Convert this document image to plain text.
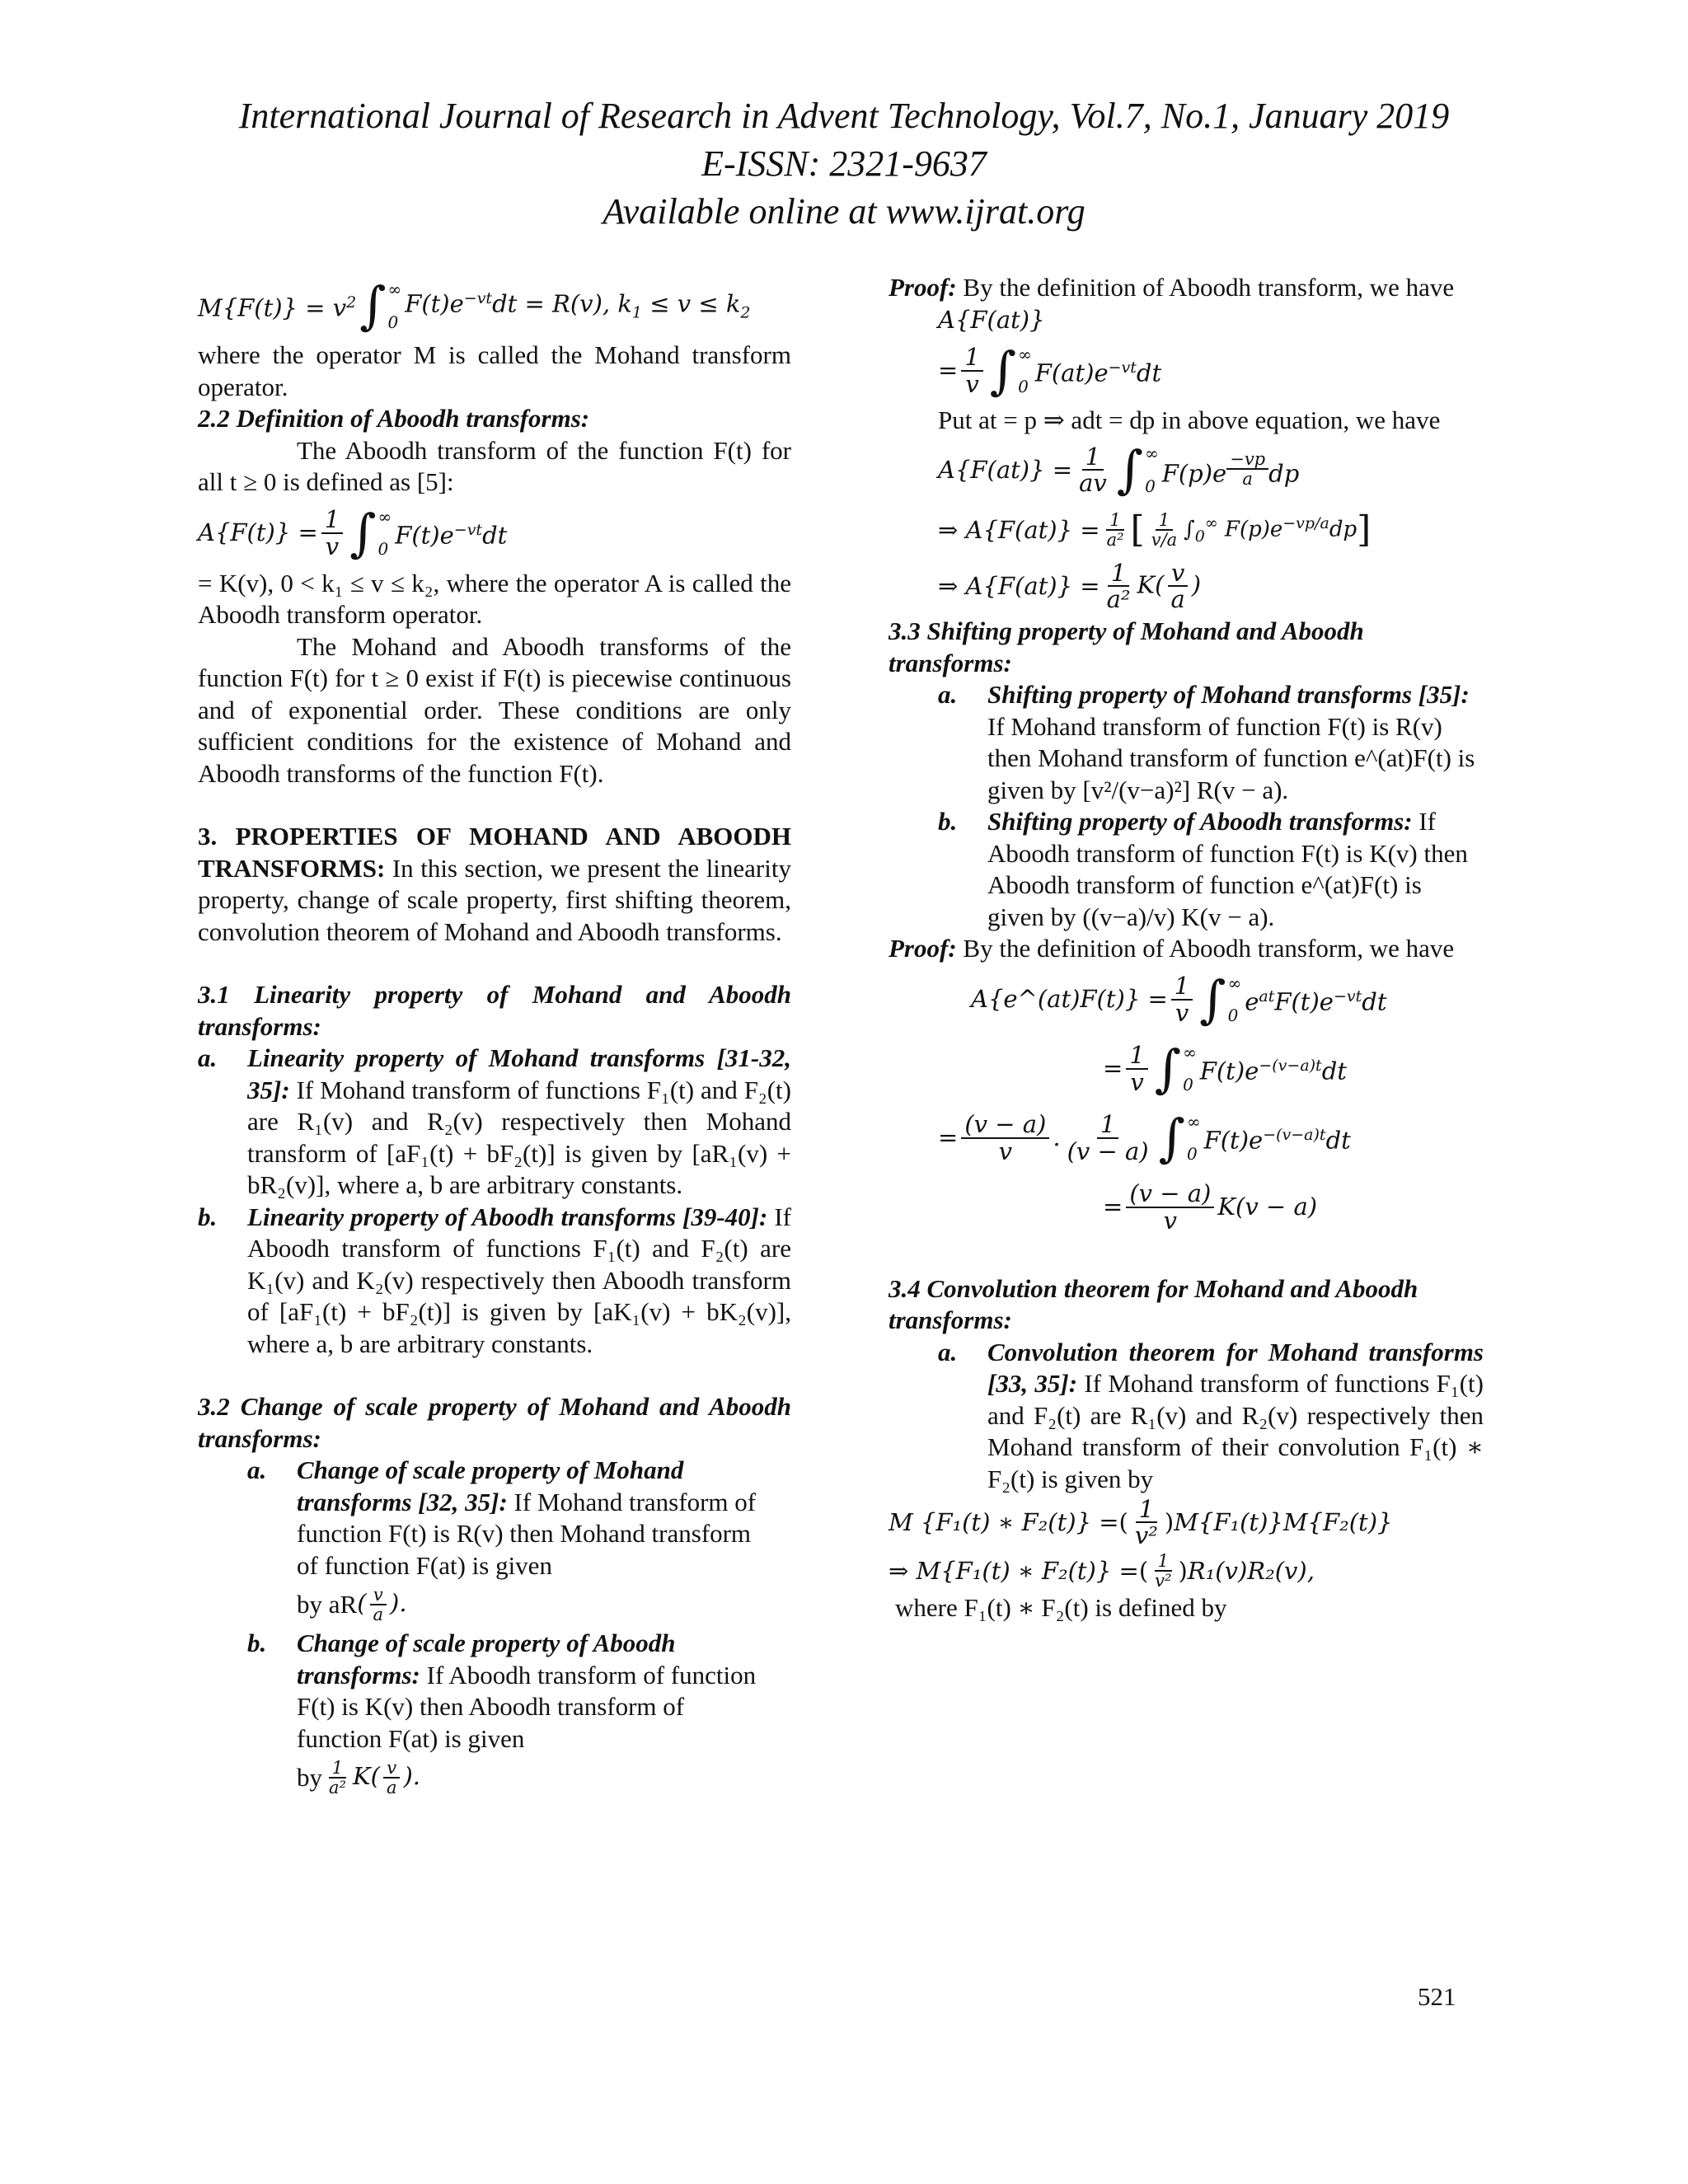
International Journal of Research in Advent Technology, Vol.7, No.1, January 2019
E-ISSN: 2321-9637
Available online at www.ijrat.org
$M\{F(t)\} = v^2$ ∫ ∞
0
$F(t)e^{-vt}dt = R(v)$, $k_1 \le v \le k_2$

where the operator M is called the Mohand transform operator.

2.2 Definition of Aboodh transforms:

The Aboodh transform of the function F(t) for all t ≥ 0 is defined as [5]:

$A\{F(t)\} = \frac{1}{v}$ ∫ ∞
0 $F(t)e^{-vt}dt$

= K(v), 0 < k₁ ≤ v ≤ k₂, where the operator A is called the Aboodh transform operator.

The Mohand and Aboodh transforms of the function F(t) for t ≥ 0 exist if F(t) is piecewise continuous and of exponential order. These conditions are only sufficient conditions for the existence of Mohand and Aboodh transforms of the function F(t).

3. PROPERTIES OF MOHAND AND ABOODH TRANSFORMS: In this section, we present the linearity property, change of scale property, first shifting theorem, convolution theorem of Mohand and Aboodh transforms.

3.1 Linearity property of Mohand and Aboodh transforms:

a.	Linearity property of Mohand transforms [31-32, 35]: If Mohand transform of functions F₁(t) and F₂(t) are R₁(v) and R₂(v) respectively then Mohand transform of [aF₁(t) + bF₂(t)] is given by [aR₁(v) + bR₂(v)], where a, b are arbitrary constants.

b.	Linearity property of Aboodh transforms [39-40]: If Aboodh transform of functions F₁(t) and F₂(t) are K₁(v) and K₂(v) respectively then Aboodh transform of [aF₁(t) + bF₂(t)] is given by [aK₁(v) + bK₂(v)], where a, b are arbitrary constants.

3.2 Change of scale property of Mohand and Aboodh transforms:

a.	Change of scale property of Mohand transforms [32, 35]: If Mohand transform of function F(t) is R(v) then Mohand transform of function F(at) is given

by aR ( $\frac{v}{a}$ ).
b.	Change of scale property of Aboodh transforms: If Aboodh transform of function F(t) is K(v) then Aboodh transform of function F(at) is given

by $\frac{1}{\text{a²}} K( \frac{v}{a}$ ).

Proof: By the definition of Aboodh transform, we have

A{F(at)}
= $\frac{1}{v}$ ∫ ∞
0 $F(at)e^{-vt}dt$

Put at = p ⇒ adt = dp in above equation, we have

$A\{F(at)\} = \frac{1}{av}$ ∫ ∞
0 F(p)e $^{\frac{-vp}{a}}$ dp
⇒ $A\{F(at)\} = \frac{1}{\text{a²}}$ [ $\frac{1}{v/a} \int_0^\infty$ $F(p)e^{-vp/a}dp$ ]
⇒ $A\{F(at)\} = \frac{1}{\text{a²}} K( \frac{v}{a}$ )

3.3 Shifting property of Mohand and Aboodh transforms:

a.	Shifting property of Mohand transforms [35]: If Mohand transform of function F(t) is R(v) then Mohand transform of function e^(at)F(t) is given by [v²/(v−a)²] R(v − a).

b.	Shifting property of Aboodh transforms: If Aboodh transform of function F(t) is K(v) then Aboodh transform of function e^(at)F(t) is given by ((v−a)/v) K(v − a).

Proof: By the definition of Aboodh transform, we have

A{e^(at)F(t)} = $\frac{1}{v}$ ∫ ∞
0 $e^{at}F(t)e^{-vt}dt$
= $\frac{1}{v}$ ∫ ∞
0 $F(t)e^{-(v-a)t}dt$
= $\frac{(v - a)}{v}$ . $\frac{1}{(v - a)}$ ∫ ∞
0 $F(t)e^{-(v-a)t}dt$
= $\frac{(v - a)}{v} K(v - a)$

3.4 Convolution theorem for Mohand and Aboodh transforms:

a.	Convolution theorem for Mohand transforms [33, 35]: If Mohand transform of functions F₁(t) and F₂(t) are R₁(v) and R₂(v) respectively then Mohand transform of their convolution F₁(t) ∗ F₂(t) is given by

M {F₁(t) ∗ F₂(t)} = ( $\frac{1}{\text{v²}}$ ) M{F₁(t)}M{F₂(t)}
⇒ M{F₁(t) ∗ F₂(t)} = ( $\frac{1}{\text{v²}}$ ) R₁(v)R₂(v),

where F₁(t) ∗ F₂(t) is defined by

521
